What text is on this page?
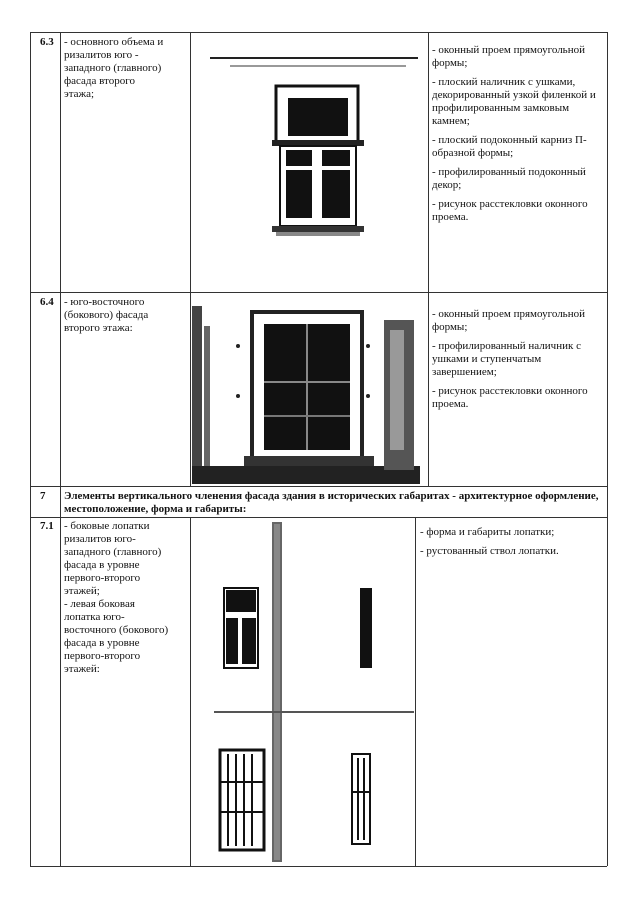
6.3 - основного объема и
ризалитов юго -
западного (главного)
фасада второго
этажа;
- оконный проем прямоугольной формы;
- плоский наличник с ушками, декорированный узкой филенкой и профилированным замковым камнем;
- плоский подоконный карниз П-образной формы;
- профилированный подоконный декор;
- рисунок расстекловки оконного проема.
6.4 - юго-восточного
(бокового) фасада
второго этажа:
- оконный проем прямоугольной формы;
- профилированный наличник с ушками и ступенчатым завершением;
- рисунок расстекловки оконного проема.
7 Элементы вертикального членения фасада здания в исторических габаритах - архитектурное оформление, местоположение, форма и габариты:
7.1 - боковые лопатки
ризалитов юго-
западного (главного)
фасада в уровне
первого-второго
этажей;
- левая боковая
лопатка юго-
восточного (бокового)
фасада в уровне
первого-второго
этажей:
- форма и габариты лопатки;
- рустованный ствол лопатки.
